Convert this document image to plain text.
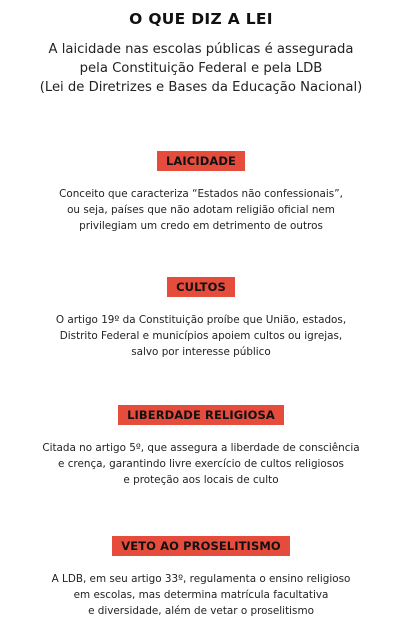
O QUE DIZ A LEI
A laicidade nas escolas públicas é assegurada
pela Constituição Federal e pela LDB
(Lei de Diretrizes e Bases da Educação Nacional)
LAICIDADE
Conceito que caracteriza “Estados não confessionais”,
ou seja, países que não adotam religião oficial nem
privilegiam um credo em detrimento de outros
CULTOS
O artigo 19º da Constituição proíbe que União, estados,
Distrito Federal e municípios apoiem cultos ou igrejas,
salvo por interesse público
LIBERDADE RELIGIOSA
Citada no artigo 5º, que assegura a liberdade de consciência
e crença, garantindo livre exercício de cultos religiosos
e proteção aos locais de culto
VETO AO PROSELITISMO
A LDB, em seu artigo 33º, regulamenta o ensino religioso
em escolas, mas determina matrícula facultativa
e diversidade, além de vetar o proselitismo
